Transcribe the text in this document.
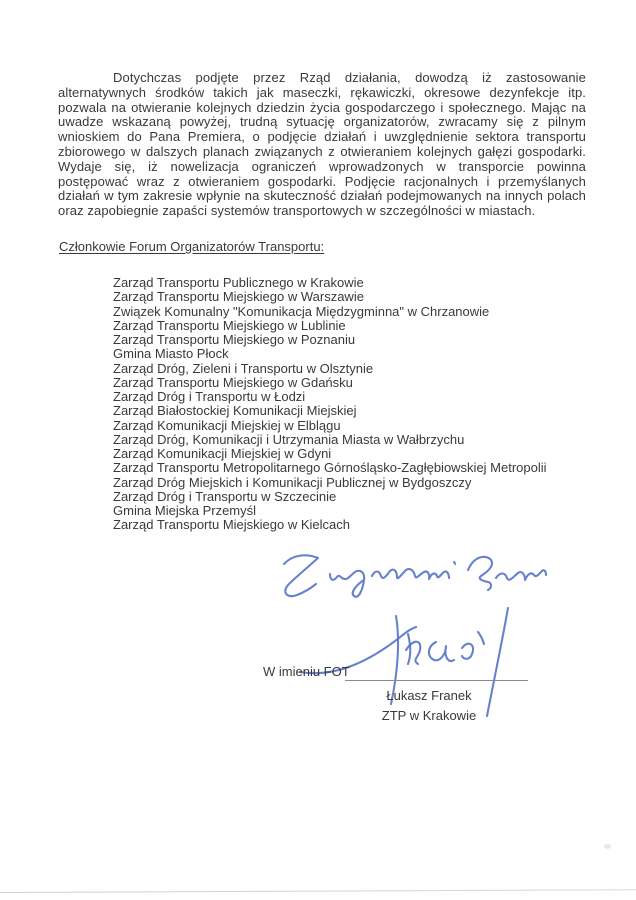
Dotychczas podjęte przez Rząd działania, dowodzą iż zastosowanie alternatywnych środków takich jak maseczki, rękawiczki, okresowe dezynfekcje itp. pozwala na otwieranie kolejnych dziedzin życia gospodarczego i społecznego. Mając na uwadze wskazaną powyżej, trudną sytuację organizatorów, zwracamy się z pilnym wnioskiem do Pana Premiera, o podjęcie działań i uwzględnienie sektora transportu zbiorowego w dalszych planach związanych z otwieraniem kolejnych gałęzi gospodarki. Wydaje się, iż nowelizacja ograniczeń wprowadzonych w transporcie powinna postępować wraz z otwieraniem gospodarki. Podjęcie racjonalnych i przemyślanych działań w tym zakresie wpłynie na skuteczność działań podejmowanych na innych polach oraz zapobiegnie zapaści systemów transportowych w szczególności w miastach.
Członkowie Forum Organizatorów Transportu:
Zarząd Transportu Publicznego w Krakowie
Zarząd Transportu Miejskiego w Warszawie
Związek Komunalny "Komunikacja Międzygminna" w Chrzanowie
Zarząd Transportu Miejskiego w Lublinie
Zarząd Transportu Miejskiego w Poznaniu
Gmina Miasto Płock
Zarząd Dróg, Zieleni i Transportu w Olsztynie
Zarząd Transportu Miejskiego w Gdańsku
Zarząd Dróg i Transportu w Łodzi
Zarząd Białostockiej Komunikacji Miejskiej
Zarząd Komunikacji Miejskiej w Elblągu
Zarząd Dróg, Komunikacji i Utrzymania Miasta w Wałbrzychu
Zarząd Komunikacji Miejskiej w Gdyni
Zarząd Transportu Metropolitarnego Górnośląsko-Zagłębiowskiej Metropolii
Zarząd Dróg Miejskich i Komunikacji Publicznej w Bydgoszczy
Zarząd Dróg i Transportu w Szczecinie
Gmina Miejska Przemyśl
Zarząd Transportu Miejskiego w Kielcach
W imieniu FOT
Łukasz Franek
ZTP w Krakowie
